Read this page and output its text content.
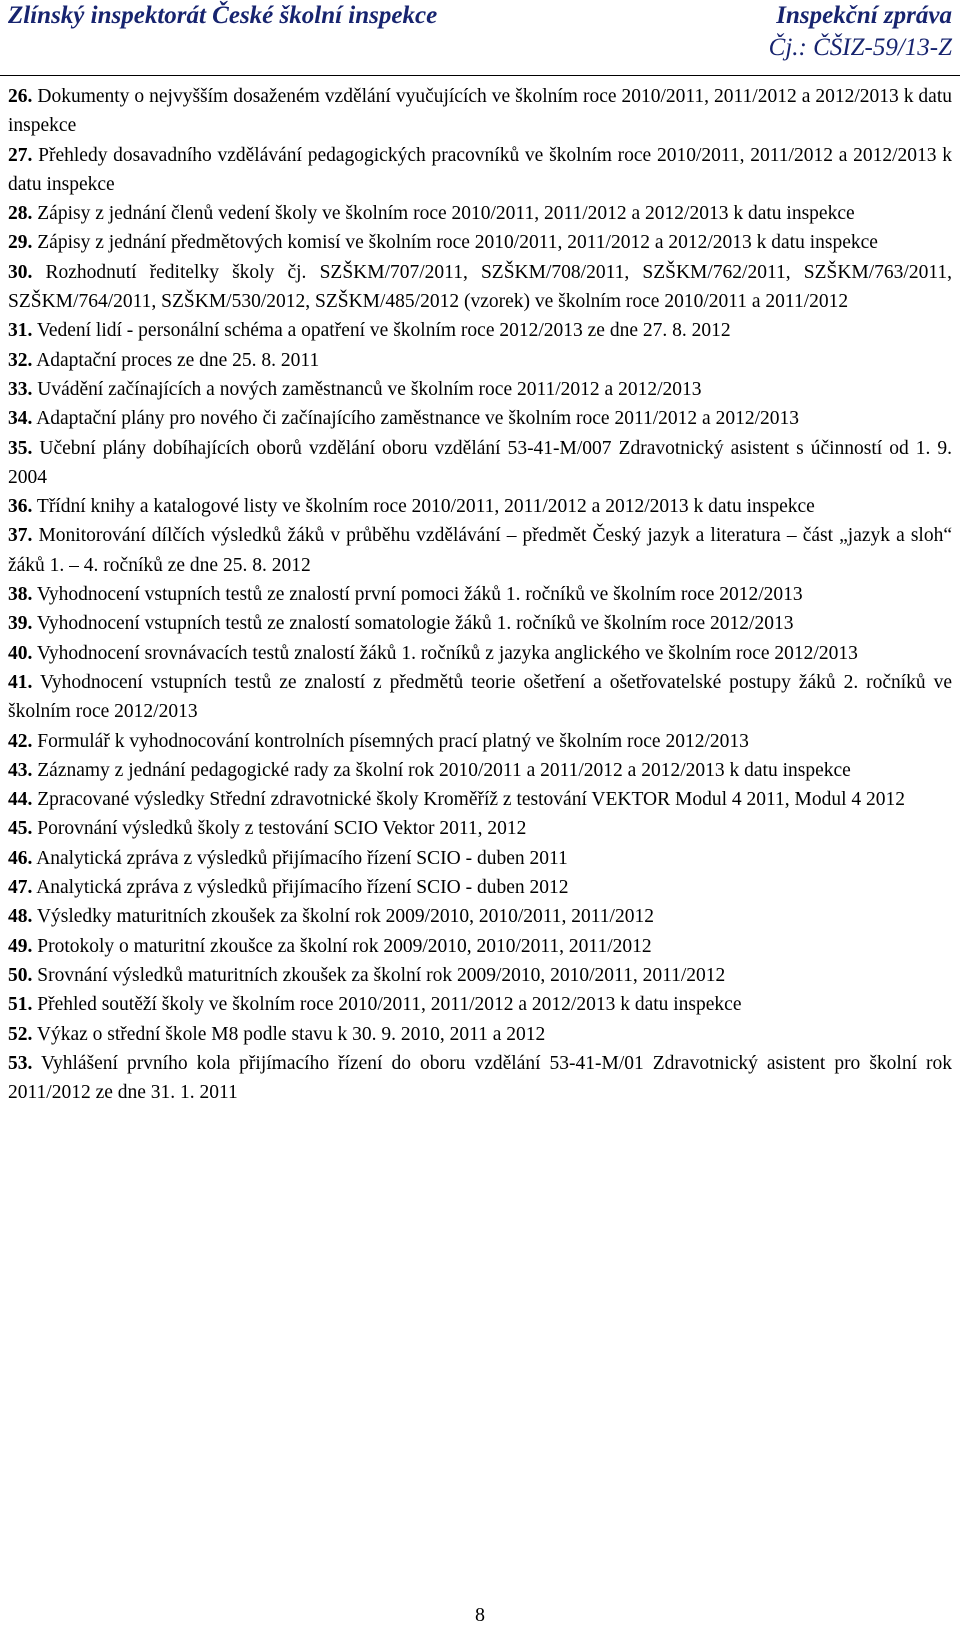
Zlínský inspektorát České školní inspekce	Inspekční zpráva
Čj.: ČŠIZ-59/13-Z

26. Dokumenty o nejvyšším dosaženém vzdělání vyučujících ve školním roce 2010/2011, 2011/2012 a 2012/2013 k datu inspekce

27. Přehledy dosavadního vzdělávání pedagogických pracovníků ve školním roce 2010/2011, 2011/2012 a 2012/2013 k datu inspekce

28. Zápisy z jednání členů vedení školy ve školním roce 2010/2011, 2011/2012 a 2012/2013 k datu inspekce

29. Zápisy z jednání předmětových komisí ve školním roce 2010/2011, 2011/2012 a 2012/2013 k datu inspekce

30. Rozhodnutí ředitelky školy čj. SZŠKM/707/2011, SZŠKM/708/2011, SZŠKM/762/2011, SZŠKM/763/2011, SZŠKM/764/2011, SZŠKM/530/2012, SZŠKM/485/2012 (vzorek) ve školním roce 2010/2011 a 2011/2012

31. Vedení lidí - personální schéma a opatření ve školním roce 2012/2013 ze dne 27. 8. 2012

32. Adaptační proces ze dne 25. 8. 2011

33. Uvádění začínajících a nových zaměstnanců ve školním roce 2011/2012 a 2012/2013

34. Adaptační plány pro nového či začínajícího zaměstnance ve školním roce 2011/2012 a 2012/2013

35. Učební plány dobíhajících oborů vzdělání oboru vzdělání 53-41-M/007 Zdravotnický asistent s účinností od 1. 9. 2004

36. Třídní knihy a katalogové listy ve školním roce 2010/2011, 2011/2012 a 2012/2013 k datu inspekce

37. Monitorování dílčích výsledků žáků v průběhu vzdělávání – předmět Český jazyk a literatura – část „jazyk a sloh“ žáků 1. – 4. ročníků ze dne 25. 8. 2012

38. Vyhodnocení vstupních testů ze znalostí první pomoci žáků 1. ročníků ve školním roce 2012/2013

39. Vyhodnocení vstupních testů ze znalostí somatologie žáků 1. ročníků ve školním roce 2012/2013

40. Vyhodnocení srovnávacích testů znalostí žáků 1. ročníků z jazyka anglického ve školním roce 2012/2013

41. Vyhodnocení vstupních testů ze znalostí z předmětů teorie ošetření a ošetřovatelské postupy žáků 2. ročníků ve školním roce 2012/2013

42. Formulář k vyhodnocování kontrolních písemných prací platný ve školním roce 2012/2013

43. Záznamy z jednání pedagogické rady za školní rok 2010/2011 a 2011/2012 a 2012/2013 k datu inspekce

44. Zpracované výsledky Střední zdravotnické školy Kroměříž z testování VEKTOR Modul 4 2011, Modul 4 2012

45. Porovnání výsledků školy z testování SCIO Vektor 2011, 2012

46. Analytická zpráva z výsledků přijímacího řízení SCIO - duben 2011

47. Analytická zpráva z výsledků přijímacího řízení SCIO - duben 2012

48. Výsledky maturitních zkoušek za školní rok 2009/2010, 2010/2011, 2011/2012

49. Protokoly o maturitní zkoušce za školní rok 2009/2010, 2010/2011, 2011/2012

50. Srovnání výsledků maturitních zkoušek za školní rok 2009/2010, 2010/2011, 2011/2012

51. Přehled soutěží školy ve školním roce 2010/2011, 2011/2012 a 2012/2013 k datu inspekce

52. Výkaz o střední škole M8 podle stavu k 30. 9. 2010, 2011 a 2012

53. Vyhlášení prvního kola přijímacího řízení do oboru vzdělání 53-41-M/01 Zdravotnický asistent pro školní rok 2011/2012 ze dne 31. 1. 2011

8
